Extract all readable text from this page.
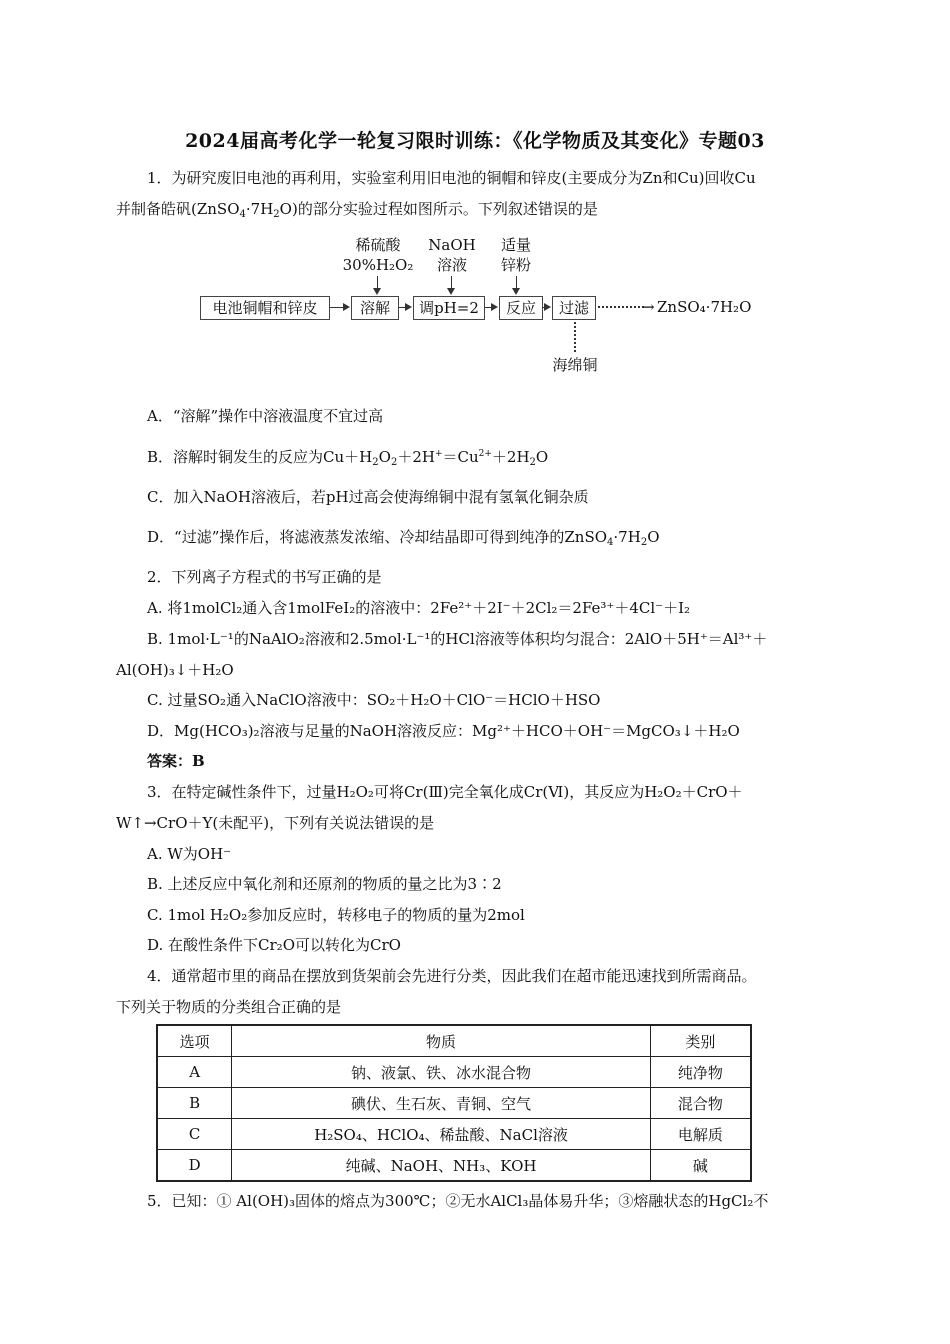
2024届高考化学一轮复习限时训练：《化学物质及其变化》专题03
1．为研究废旧电池的再利用，实验室利用旧电池的铜帽和锌皮(主要成分为Zn和Cu)回收Cu
并制备皓矾$(ZnSO_4\cdot 7H_2O)$的部分实验过程如图所示。下列叙述错误的是
稀硫酸
30%H₂O₂
NaOH
溶液
适量
锌粉
电池铜帽和锌皮	溶解	调pH=2	反应	过滤	→ ZnSO₄·7H₂O
海绵铜
A．“溶解”操作中溶液温度不宜过高
B．溶解时铜发生的反应为$Cu+H_2O_2+2H^+=Cu^{2+}+2H_2O$
C．加入NaOH溶液后，若pH过高会使海绵铜中混有氢氧化铜杂质
D．“过滤”操作后，将滤液蒸发浓缩、冷却结晶即可得到纯净的$ZnSO_4\cdot 7H_2O$
2．下列离子方程式的书写正确的是
A. 将1molCl₂通入含1molFeI₂的溶液中：2Fe²⁺＋2I⁻＋2Cl₂＝2Fe³⁺＋4Cl⁻＋I₂
B. 1mol·L⁻¹的NaAlO₂溶液和2.5mol·L⁻¹的HCl溶液等体积均匀混合：2AlO＋5H⁺＝Al³⁺＋
Al(OH)₃↓＋H₂O
C. 过量SO₂通入NaClO溶液中：SO₂＋H₂O＋ClO⁻＝HClO＋HSO
D．Mg(HCO₃)₂溶液与足量的NaOH溶液反应：Mg²⁺＋HCO＋OH⁻＝MgCO₃↓＋H₂O
答案：B
3．在特定碱性条件下，过量H₂O₂可将Cr(Ⅲ)完全氧化成Cr(Ⅵ)，其反应为H₂O₂＋CrO＋
W↑→CrO＋Y(未配平)，下列有关说法错误的是
A. W为OH⁻
B. 上述反应中氧化剂和还原剂的物质的量之比为3∶2
C. 1mol H₂O₂参加反应时，转移电子的物质的量为2mol
D. 在酸性条件下Cr₂O可以转化为CrO
4．通常超市里的商品在摆放到货架前会先进行分类，因此我们在超市能迅速找到所需商品。
下列关于物质的分类组合正确的是
选项	物质	类别
A	钠、液氯、铁、冰水混合物	纯净物
B	碘伏、生石灰、青铜、空气	混合物
C	H₂SO₄、HClO₄、稀盐酸、NaCl溶液	电解质
D	纯碱、NaOH、NH₃、KOH	碱
5．已知：① Al(OH)₃固体的熔点为300℃；②无水AlCl₃晶体易升华；③熔融状态的HgCl₂不
